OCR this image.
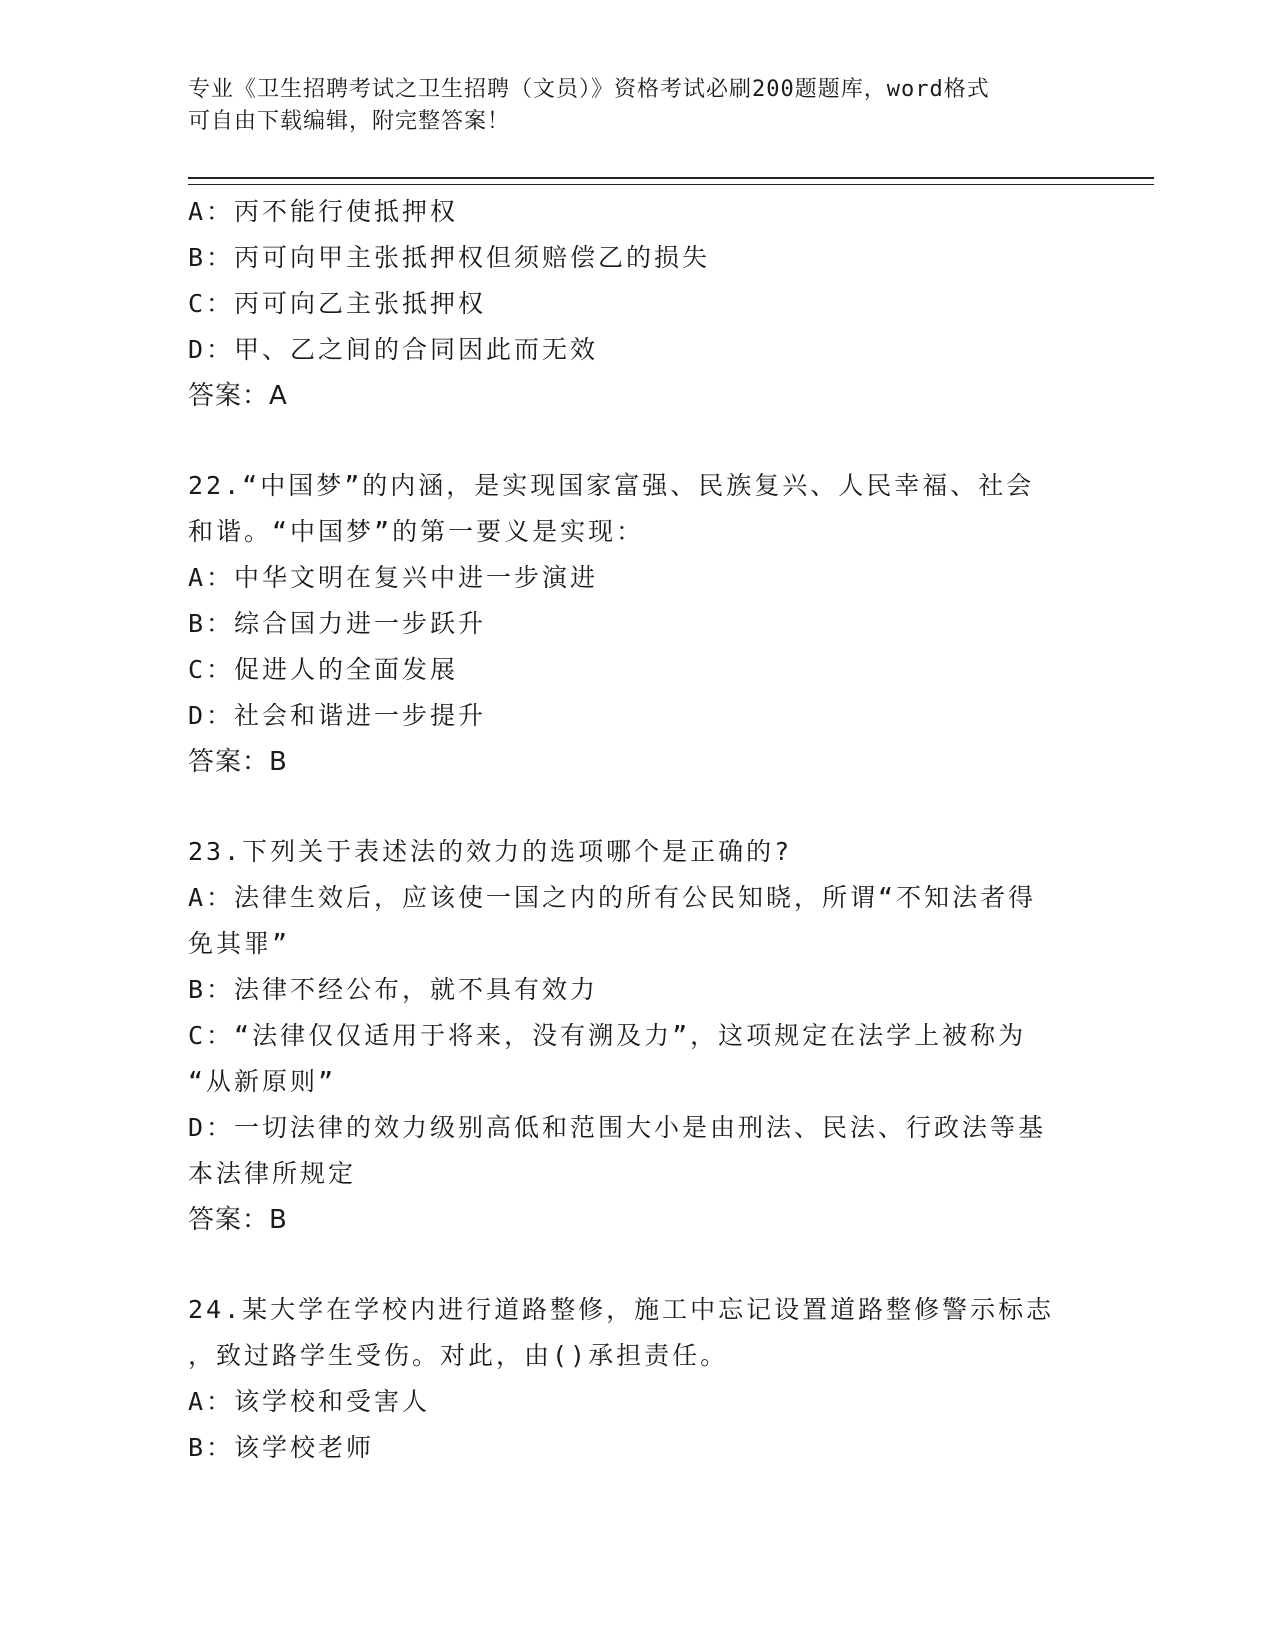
专业《卫生招聘考试之卫生招聘（文员）》资格考试必刷200题题库，word格式
可自由下载编辑，附完整答案！

A：丙不能行使抵押权

B：丙可向甲主张抵押权但须赔偿乙的损失

C：丙可向乙主张抵押权

D：甲、乙之间的合同因此而无效

答案：A

22.“中国梦”的内涵，是实现国家富强、民族复兴、人民幸福、社会

和谐。“中国梦”的第一要义是实现：

A：中华文明在复兴中进一步演进

B：综合国力进一步跃升

C：促进人的全面发展

D：社会和谐进一步提升

答案：B

23.下列关于表述法的效力的选项哪个是正确的?

A：法律生效后，应该使一国之内的所有公民知晓，所谓“不知法者得

免其罪”

B：法律不经公布，就不具有效力

C：“法律仅仅适用于将来，没有溯及力”，这项规定在法学上被称为

“从新原则”

D：一切法律的效力级别高低和范围大小是由刑法、民法、行政法等基

本法律所规定

答案：B

24.某大学在学校内进行道路整修，施工中忘记设置道路整修警示标志

，致过路学生受伤。对此，由()承担责任。

A：该学校和受害人

B：该学校老师
